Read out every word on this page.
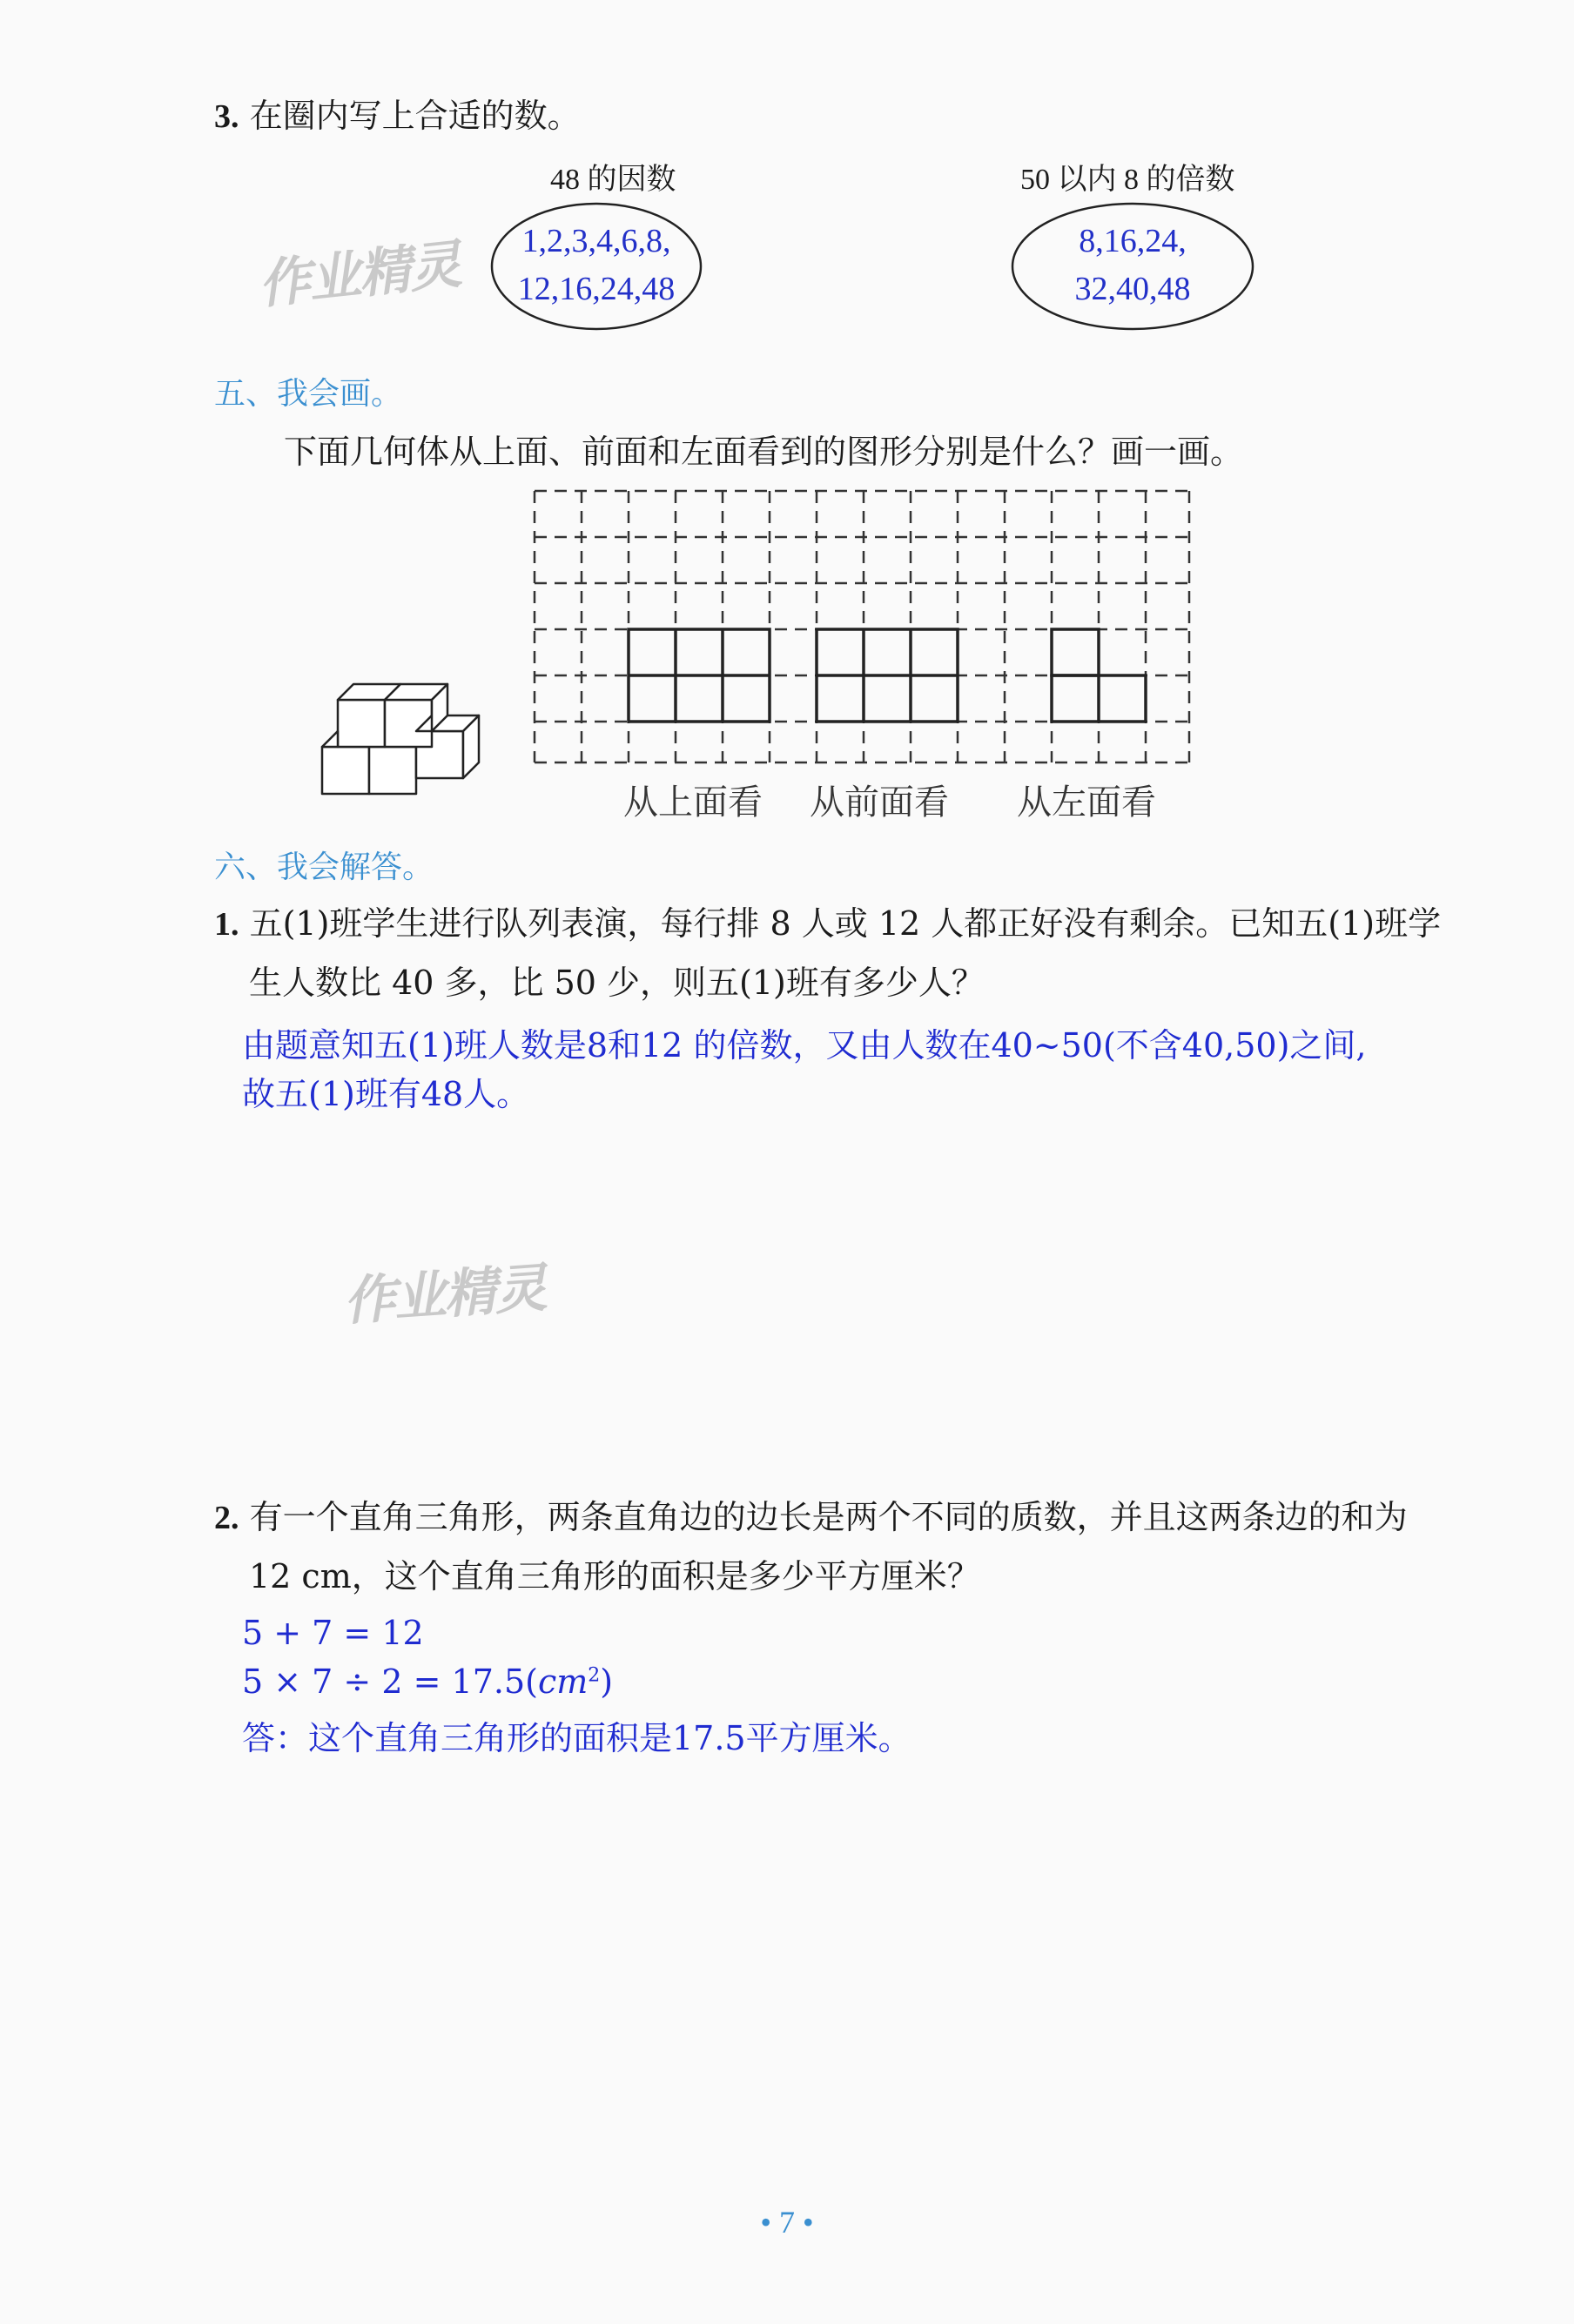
3. 在圈内写上合适的数。
48 的因数	50 以内 8 的倍数
1,2,3,4,6,8,
12,16,24,48
8,16,24,
32,40,48
作业精灵
五、我会画。
下面几何体从上面、前面和左面看到的图形分别是什么？画一画。
从上面看 从前面看 从左面看
六、我会解答。
1. 五(1)班学生进行队列表演，每行排 8 人或 12 人都正好没有剩余。已知五(1)班学
生人数比 40 多，比 50 少，则五(1)班有多少人？
由题意知五(1)班人数是8和12 的倍数，又由人数在40~50(不含40,50)之间,
故五(1)班有48人。
作业精灵
2. 有一个直角三角形，两条直角边的边长是两个不同的质数，并且这两条边的和为
12 cm，这个直角三角形的面积是多少平方厘米？
5 + 7 = 12
$5 \times 7 \div 2 = 17.5(cm^2)$
答：这个直角三角形的面积是17.5平方厘米。
• 7 •
